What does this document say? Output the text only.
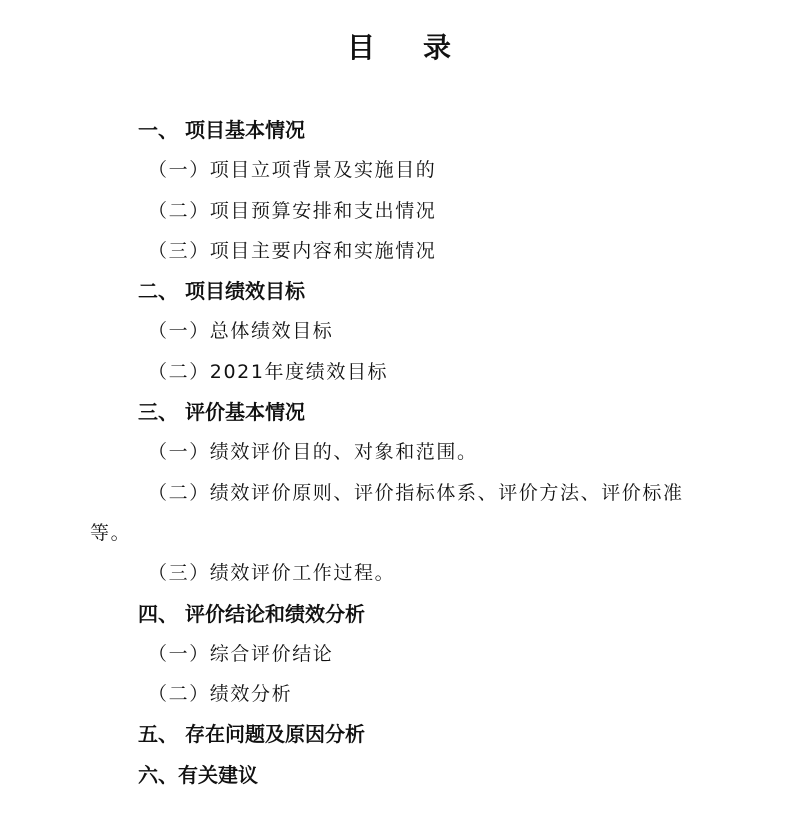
目 录
一、 项目基本情况
（一）项目立项背景及实施目的
（二）项目预算安排和支出情况
（三）项目主要内容和实施情况
二、 项目绩效目标
（一）总体绩效目标
（二）2021年度绩效目标
三、 评价基本情况
（一）绩效评价目的、对象和范围。
（二）绩效评价原则、评价指标体系、评价方法、评价标准等。
（三）绩效评价工作过程。
四、 评价结论和绩效分析
（一）综合评价结论
（二）绩效分析
五、 存在问题及原因分析
六、有关建议
